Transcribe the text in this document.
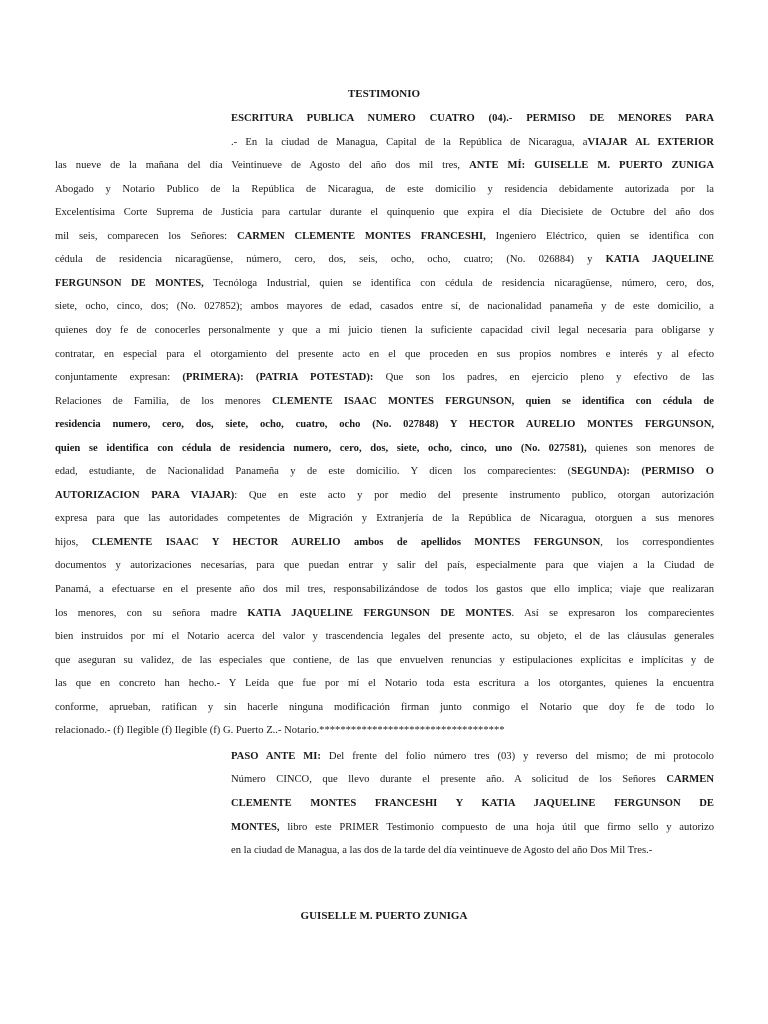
TESTIMONIO
ESCRITURA PUBLICA NUMERO CUATRO (04).- PERMISO DE MENORES PARA
.- En la ciudad de Managua, Capital de la República de Nicaragua, aVIAJAR AL EXTERIOR
las nueve de la mañana del día Veintinueve de Agosto del año dos mil tres, ANTE MÍ: GUISELLE M. PUERTO ZUNIGA
Abogado y Notario Publico de la República de Nicaragua, de este domicilio y residencia debidamente autorizada por la
Excelentísima Corte Suprema de Justicia para cartular durante el quinquenio que expira el día Diecisiete de Octubre del año dos
mil seis, comparecen los Señores: CARMEN CLEMENTE MONTES FRANCESHI, Ingeniero Eléctrico, quien se identifica con
cédula de residencia nicaragüense, número, cero, dos, seis, ocho, ocho, cuatro; (No. 026884) y KATIA JAQUELINE
FERGUNSON DE MONTES, Tecnóloga Industrial, quien se identifica con cédula de residencia nicaragüense, número, cero, dos,
siete, ocho, cinco, dos; (No. 027852); ambos mayores de edad, casados entre sí, de nacionalidad panameña y de este domicilio, a
quienes doy fe de conocerles personalmente y que a mi juicio tienen la suficiente capacidad civil legal necesaria para obligarse y
contratar, en especial para el otorgamiento del presente acto en el que proceden en sus propios nombres e interés y al efecto
conjuntamente expresan: (PRIMERA): (PATRIA POTESTAD): Que son los padres, en ejercicio pleno y efectivo de las
Relaciones de Familia, de los menores CLEMENTE ISAAC MONTES FERGUNSON, quien se identifica con cédula de
residencia numero, cero, dos, siete, ocho, cuatro, ocho (No. 027848) Y HECTOR AURELIO MONTES FERGUNSON,
quien se identifica con cédula de residencia numero, cero, dos, siete, ocho, cinco, uno (No. 027581), quienes son menores de
edad, estudiante, de Nacionalidad Panameña y de este domicilio. Y dicen los comparecientes: (SEGUNDA): (PERMISO O
AUTORIZACION PARA VIAJAR): Que en este acto y por medio del presente instrumento publico, otorgan autorización
expresa para que las autoridades competentes de Migración y Extranjería de la República de Nicaragua, otorguen a sus menores
hijos, CLEMENTE ISAAC Y HECTOR AURELIO ambos de apellidos MONTES FERGUNSON, los correspondientes
documentos y autorizaciones necesarias, para que puedan entrar y salir del país, especialmente para que viajen a la Ciudad de
Panamá, a efectuarse en el presente año dos mil tres, responsabilizándose de todos los gastos que ello implica; viaje que realizaran
los menores, con su señora madre KATIA JAQUELINE FERGUNSON DE MONTES. Así se expresaron los comparecientes
bien instruidos por mí el Notario acerca del valor y trascendencia legales del presente acto, su objeto, el de las cláusulas generales
que aseguran su validez, de las especiales que contiene, de las que envuelven renuncias y estipulaciones explícitas e implícitas y de
las que en concreto han hecho.- Y Leída que fue por mí el Notario toda esta escritura a los otorgantes, quienes la encuentra
conforme, aprueban, ratifican y sin hacerle ninguna modificación firman junto conmigo el Notario que doy fe de todo lo
relacionado.- (f) Ilegible (f) Ilegible (f) G. Puerto Z..- Notario.***********************************
PASO ANTE MI: Del frente del folio número tres (03) y reverso del mismo; de mi protocolo
Número CINCO, que llevo durante el presente año. A solicitud de los Señores CARMEN
CLEMENTE MONTES FRANCESHI Y KATIA JAQUELINE FERGUNSON DE
MONTES, libro este PRIMER Testimonio compuesto de una hoja útil que firmo sello y autorizo
en la ciudad de Managua, a las dos de la tarde del día veintinueve de Agosto del año Dos Mil Tres.-
GUISELLE M. PUERTO ZUNIGA
